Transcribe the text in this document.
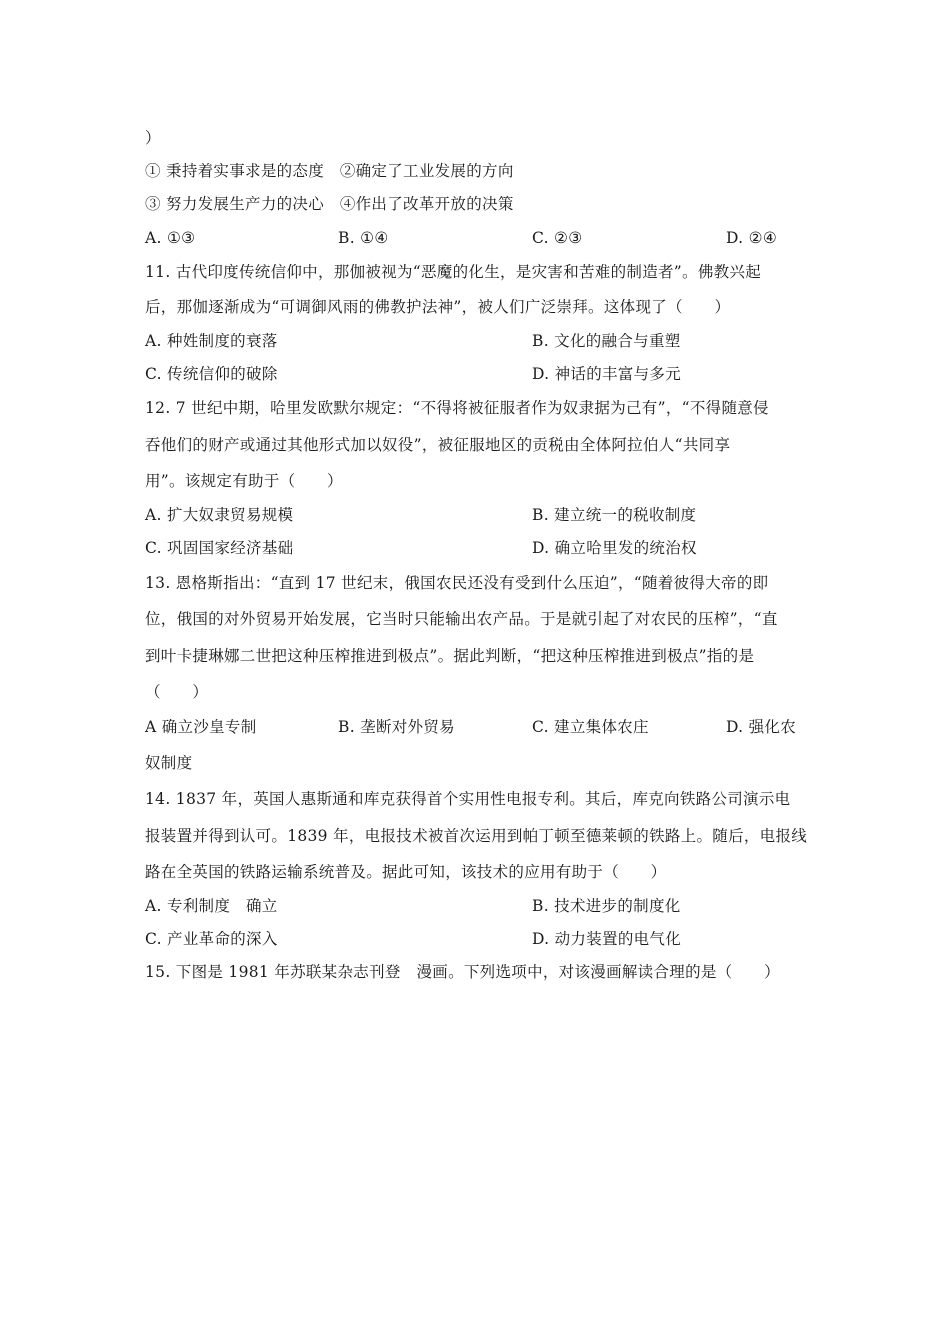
）
① 秉持着实事求是的态度　②确定了工业发展的方向
③ 努力发展生产力的决心　④作出了改革开放的决策
A. ①③	B. ①④	C. ②③	D. ②④
11. 古代印度传统信仰中，那伽被视为“恶魔的化生，是灾害和苦难的制造者”。佛教兴起
后，那伽逐渐成为“可调御风雨的佛教护法神”，被人们广泛崇拜。这体现了（　　）
A. 种姓制度的衰落	B. 文化的融合与重塑
C. 传统信仰的破除	D. 神话的丰富与多元
12. 7 世纪中期，哈里发欧默尔规定：“不得将被征服者作为奴隶据为己有”，“不得随意侵
吞他们的财产或通过其他形式加以奴役”，被征服地区的贡税由全体阿拉伯人“共同享
用”。该规定有助于（　　）
A. 扩大奴隶贸易规模	B. 建立统一的税收制度
C. 巩固国家经济基础	D. 确立哈里发的统治权
13. 恩格斯指出：“直到 17 世纪末，俄国农民还没有受到什么压迫”，“随着彼得大帝的即
位，俄国的对外贸易开始发展，它当时只能输出农产品。于是就引起了对农民的压榨”，“直
到叶卡捷琳娜二世把这种压榨推进到极点”。据此判断，“把这种压榨推进到极点”指的是
（　　）
A 确立沙皇专制	B. 垄断对外贸易	C. 建立集体农庄	D. 强化农
奴制度
14. 1837 年，英国人惠斯通和库克获得首个实用性电报专利。其后，库克向铁路公司演示电
报装置并得到认可。1839 年，电报技术被首次运用到帕丁顿至德莱顿的铁路上。随后，电报线
路在全英国的铁路运输系统普及。据此可知，该技术的应用有助于（　　）
A. 专利制度　确立	B. 技术进步的制度化
C. 产业革命的深入	D. 动力装置的电气化
15. 下图是 1981 年苏联某杂志刊登　漫画。下列选项中，对该漫画解读合理的是（　　）
